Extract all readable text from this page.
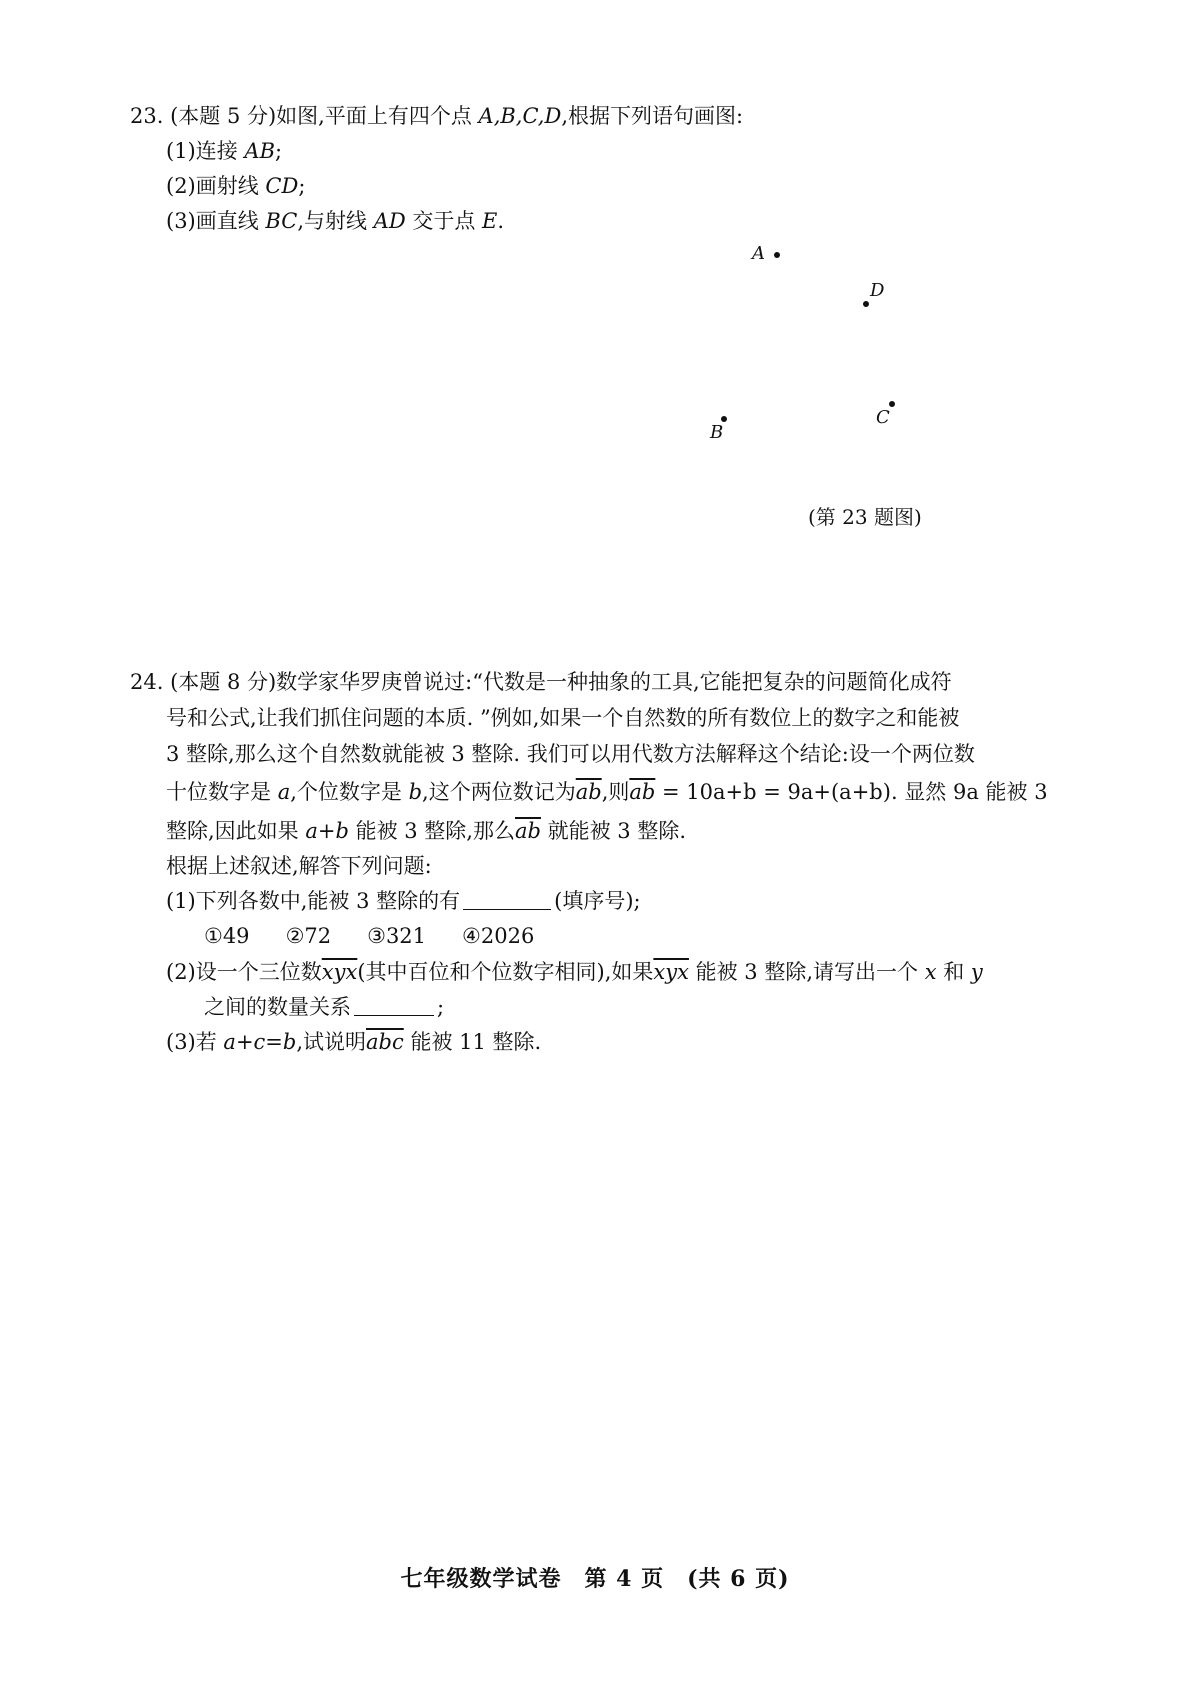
23. (本题 5 分)如图,平面上有四个点 A,B,C,D,根据下列语句画图:
(1)连接 AB;
(2)画射线 CD;
(3)画直线 BC,与射线 AD 交于点 E.
A
D
B
C
(第 23 题图)
24. (本题 8 分)数学家华罗庚曾说过:“代数是一种抽象的工具,它能把复杂的问题简化成符
号和公式,让我们抓住问题的本质. ”例如,如果一个自然数的所有数位上的数字之和能被
3 整除,那么这个自然数就能被 3 整除. 我们可以用代数方法解释这个结论:设一个两位数
十位数字是 a,个位数字是 b,这个两位数记为$\overline{ab}$,则$\overline{ab} = 10a+b = 9a+(a+b)$. 显然 9a 能被 3
整除,因此如果 a+b 能被 3 整除,那么$\overline{ab}$ 就能被 3 整除.
根据上述叙述,解答下列问题:
(1)下列各数中,能被 3 整除的有	(填序号);
①49 ②72 ③321 ④2026
(2)设一个三位数$\overline{xyx}$(其中百位和个位数字相同),如果$\overline{xyx}$ 能被 3 整除,请写出一个 x 和 y
之间的数量关系	;
(3)若 a+c=b,试说明$\overline{abc}$ 能被 11 整除.
七年级数学试卷　第 4 页　(共 6 页)
